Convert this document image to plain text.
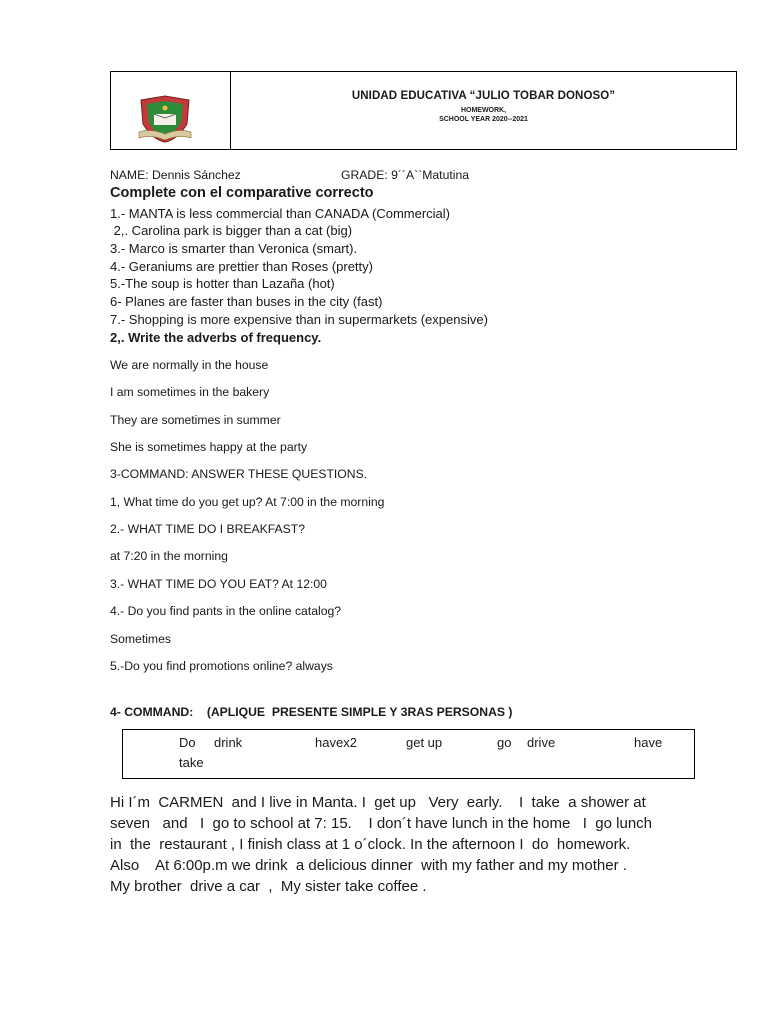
UNIDAD EDUCATIVA “JULIO TOBAR DONOSO”
HOMEWORK,
SCHOOL YEAR 2020--2021
NAME: Dennis Sánchez	GRADE: 9´´A``Matutina
Complete con el comparative correcto
1.- MANTA is less commercial than CANADA (Commercial)
2,. Carolina park is bigger than a cat (big)
3.- Marco is smarter than Veronica (smart).
4.- Geraniums are prettier than Roses (pretty)
5.-The soup is hotter than Lazaña (hot)
6- Planes are faster than buses in the city (fast)
7.- Shopping is more expensive than in supermarkets (expensive)
2,. Write the adverbs of frequency.
We are normally in the house
I am sometimes in the bakery
They are sometimes in summer
She is sometimes happy at the party
3-COMMAND: ANSWER THESE QUESTIONS.
1, What time do you get up? At 7:00 in the morning
2.- WHAT TIME DO I BREAKFAST?
at 7:20 in the morning
3.- WHAT TIME DO YOU EAT? At 12:00
4.- Do you find pants in the online catalog?
Sometimes
5.-Do you find promotions online? always
4- COMMAND:    (APLIQUE  PRESENTE SIMPLE Y 3RAS PERSONAS )
Do drink	havex2	get up	go drive	have
take
Hi I´m  CARMEN  and I live in Manta. I  get up   Very  early.    I  take  a shower at
seven   and   I  go to school at 7: 15.    I don´t have lunch in the home   I  go lunch
in  the  restaurant , I finish class at 1 o´clock. In the afternoon I  do  homework.
Also    At 6:00p.m we drink  a delicious dinner  with my father and my mother .
My brother  drive a car  ,  My sister take coffee .
